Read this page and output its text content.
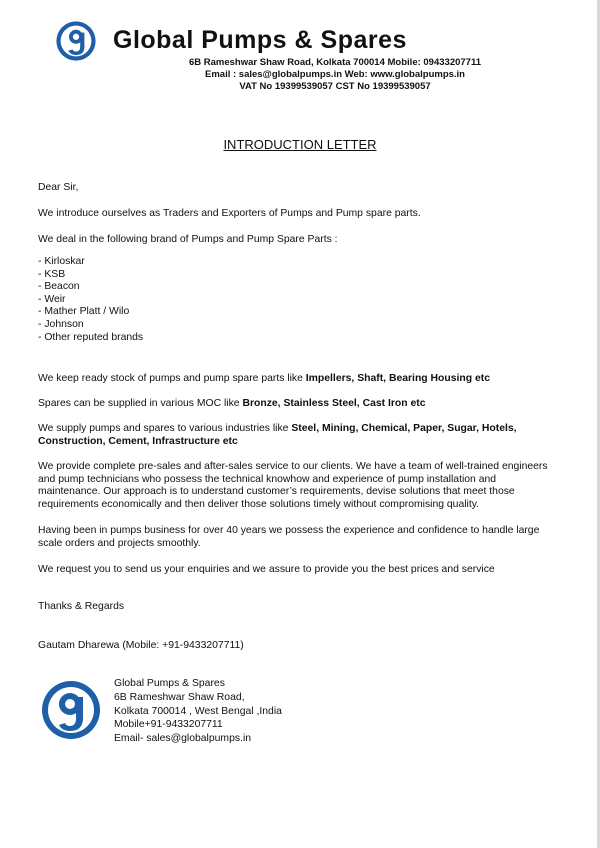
Global Pumps & Spares
6B Rameshwar Shaw Road, Kolkata 700014 Mobile: 09433207711
Email : sales@globalpumps.in Web: www.globalpumps.in
VAT No 19399539057 CST No 19399539057
INTRODUCTION LETTER
Dear Sir,
We introduce ourselves as Traders and Exporters of Pumps and Pump spare parts.
We deal in the following brand of Pumps and Pump Spare Parts :
- Kirloskar
- KSB
- Beacon
- Weir
- Mather Platt / Wilo
- Johnson
- Other reputed brands
We keep ready stock of pumps and pump spare parts like Impellers, Shaft, Bearing Housing etc
Spares can be supplied in various MOC like Bronze, Stainless Steel, Cast Iron etc
We supply pumps and spares to various industries like Steel, Mining, Chemical, Paper, Sugar, Hotels, Construction, Cement, Infrastructure etc
We provide complete pre-sales and after-sales service to our clients. We have a team of well-trained engineers and pump technicians who possess the technical knowhow and experience of pump installation and maintenance. Our approach is to understand customer’s requirements, devise solutions that meet those requirements economically and then deliver those solutions timely without compromising quality.
Having been in pumps business for over 40 years we possess the experience and confidence to handle large scale orders and projects smoothly.
We request you to send us your enquiries and we assure to provide you the best prices and service
Thanks & Regards
Gautam Dharewa (Mobile: +91-9433207711)
Global Pumps & Spares
6B Rameshwar Shaw Road,
Kolkata 700014 , West Bengal ,India
Mobile+91-9433207711
Email- sales@globalpumps.in
